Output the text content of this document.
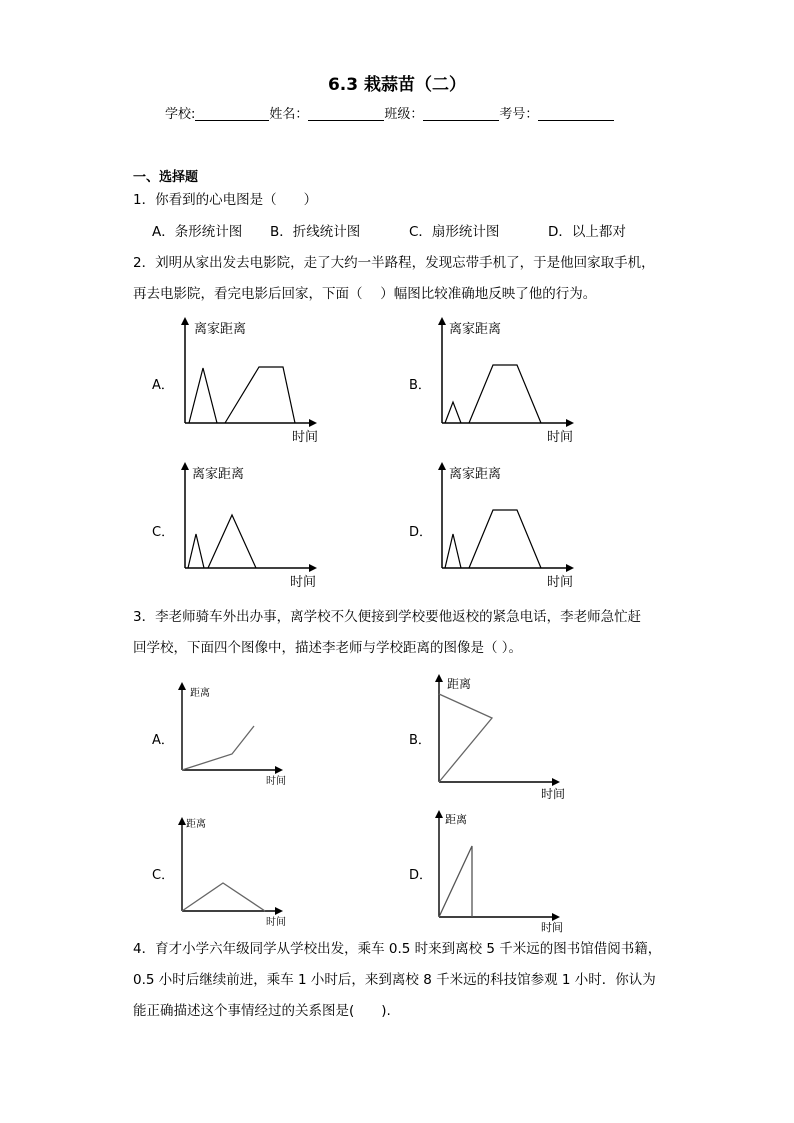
6.3 栽蒜苗（二）
学校:	姓名：	班级：	考号：
一、选择题
1．你看到的心电图是（　　）
A．条形统计图 B．折线统计图	C．扇形统计图	D．以上都对
2．刘明从家出发去电影院，走了大约一半路程，发现忘带手机了，于是他回家取手机，
再去电影院，看完电影后回家，下面（　 ）幅图比较准确地反映了他的行为。
A．	B．
C．	D．
离家距离
时间
离家距离
时间
离家距离
时间
离家距离
时间
3．李老师骑车外出办事，离学校不久便接到学校要他返校的紧急电话，李老师急忙赶
回学校，下面四个图像中，描述李老师与学校距离的图像是（ ）。
A．	B．
C．	D．
距离
时间
距离
时间
距离
时间
距离
时间
4．育才小学六年级同学从学校出发，乘车 0.5 时来到离校 5 千米远的图书馆借阅书籍，
0.5 小时后继续前进，乘车 1 小时后，来到离校 8 千米远的科技馆参观 1 小时．你认为
能正确描述这个事情经过的关系图是(　　).
